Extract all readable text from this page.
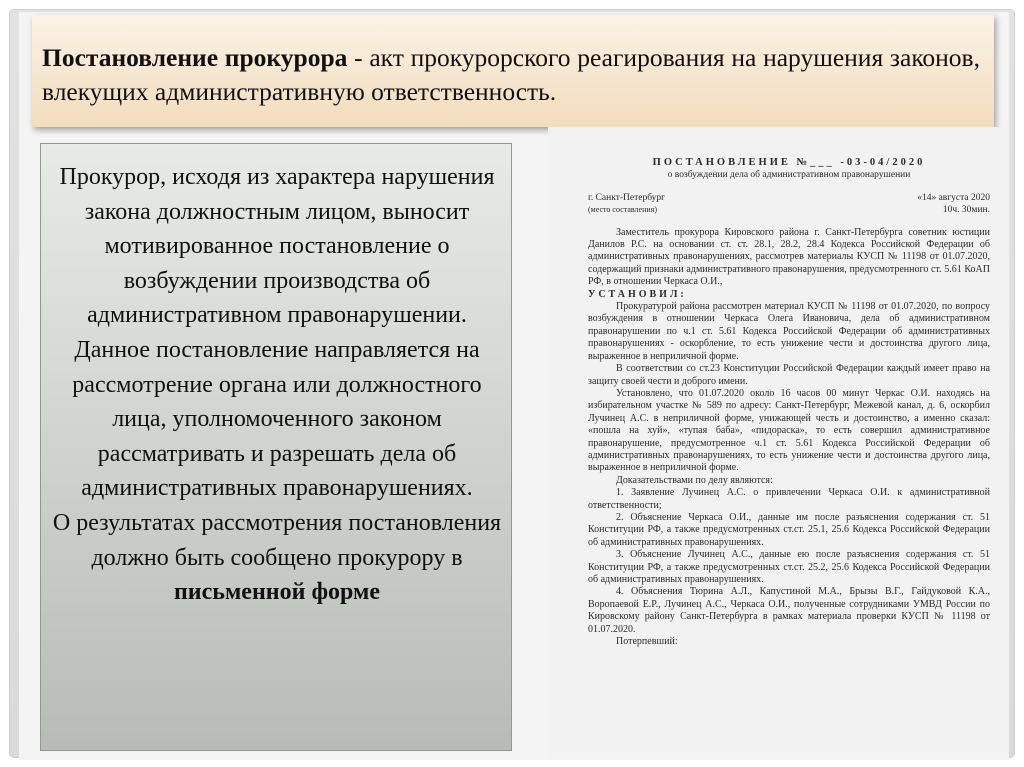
Постановление прокурора - акт прокурорского реагирования на нарушения законов, влекущих административную ответственность.

Прокурор, исходя из характера нарушения закона должностным лицом, выносит мотивированное постановление о возбуждении производства об административном правонарушении.

Данное постановление направляется на рассмотрение органа или должностного лица, уполномоченного законом рассматривать и разрешать дела об административных правонарушениях.

О результатах рассмотрения постановления должно быть сообщено прокурору в письменной форме

ПОСТАНОВЛЕНИЕ №___ -03-04/2020

о возбуждении дела об административном правонарушении

г. Санкт-Петербург
(место составления)
«14» августа 2020
10ч. 30мин.

Заместитель прокурора Кировского района г. Санкт-Петербурга советник юстиции Данилов Р.С. на основании ст. ст. 28.1, 28.2, 28.4 Кодекса Российской Федерации об административных правонарушениях, рассмотрев материалы КУСП № 11198 от 01.07.2020, содержащий признаки административного правонарушения, предусмотренного ст. 5.61 КоАП РФ, в отношении Черкаса О.И.,

УСТАНОВИЛ:

Прокуратурой района рассмотрен материал КУСП № 11198 от 01.07.2020, по вопросу возбуждения в отношении Черкаса Олега Ивановича, дела об административном правонарушении по ч.1 ст. 5.61 Кодекса Российской Федерации об административных правонарушениях - оскорбление, то есть унижение чести и достоинства другого лица, выраженное в неприличной форме.

В соответствии со ст.23 Конституции Российской Федерации каждый имеет право на защиту своей чести и доброго имени.

Установлено, что 01.07.2020 около 16 часов 00 минут Черкас О.И. находясь на избирательном участке № 589 по адресу: Санкт-Петербург, Межевой канал, д. 6, оскорбил Лучинец А.С. в неприличной форме, унижающей честь и достоинство, а именно сказал: «пошла на хуй», «тупая баба», «пидораска», то есть совершил административное правонарушение, предусмотренное ч.1 ст. 5.61 Кодекса Российской Федерации об административных правонарушениях, то есть унижение чести и достоинства другого лица, выраженное в неприличной форме.

Доказательствами по делу являются:

1. Заявление Лучинец А.С. о привлечении Черкаса О.И. к административной ответственности;

2. Объяснение Черкаса О.И., данные им после разъяснения содержания ст. 51 Конституции РФ, а также предусмотренных ст.ст. 25.1, 25.6 Кодекса Российской Федерации об административных правонарушениях.

3. Объяснение Лучинец А.С., данные ею после разъяснения содержания ст. 51 Конституции РФ, а также предусмотренных ст.ст. 25.2, 25.6 Кодекса Российской Федерации об административных правонарушениях.

4. Объяснения Тюрина А.Л., Капустиной М.А., Брызы В.Г., Гайдуковой К.А., Воропаевой Е.Р., Лучинец А.С., Черкаса О.И., полученные сотрудниками УМВД России по Кировскому району Санкт-Петербурга в рамках материала проверки КУСП № 11198 от 01.07.2020.

Потерпевший:
